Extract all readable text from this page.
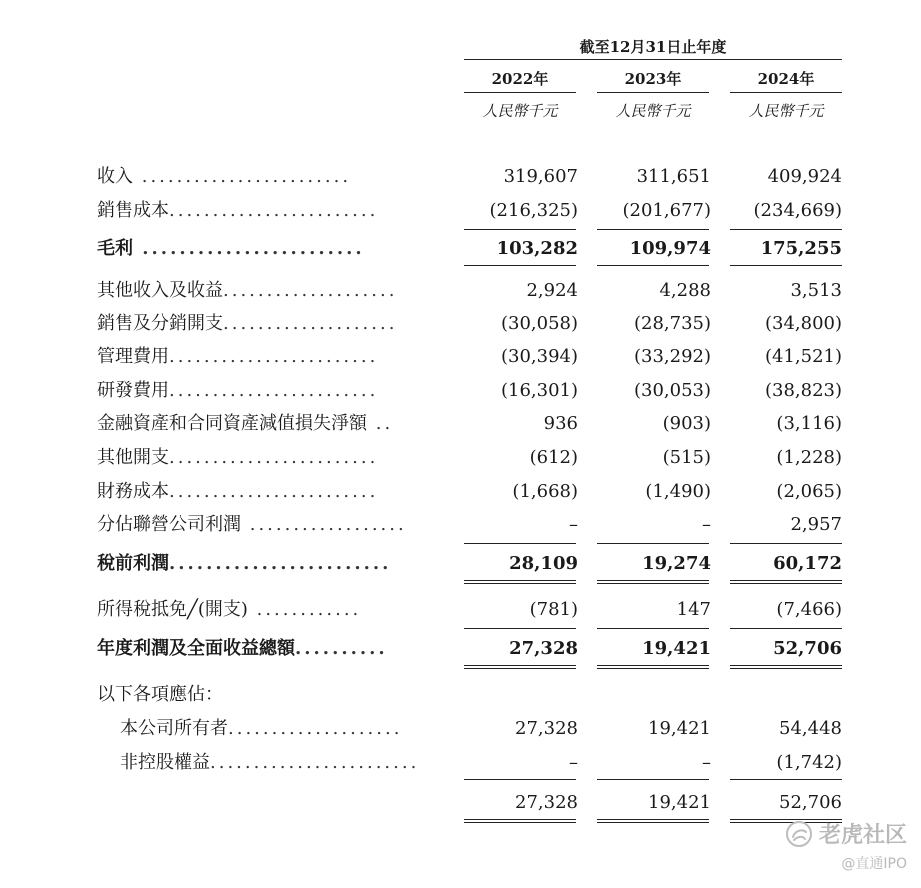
截至12月31日止年度
2022年	2023年	2024年
人民幣千元	人民幣千元	人民幣千元
收入 ........................	319,607	311,651	409,924
銷售成本........................	(216,325)	(201,677)	(234,669)
毛利 ........................	103,282	109,974	175,255
其他收入及收益....................	2,924	4,288	3,513
銷售及分銷開支....................	(30,058)	(28,735)	(34,800)
管理費用........................	(30,394)	(33,292)	(41,521)
研發費用........................	(16,301)	(30,053)	(38,823)
金融資產和合同資產減值損失淨額 ..	936	(903)	(3,116)
其他開支........................	(612)	(515)	(1,228)
財務成本........................	(1,668)	(1,490)	(2,065)
分佔聯營公司利潤 ..................	–	–	2,957
稅前利潤........................	28,109	19,274	60,172
所得稅抵免╱(開支) ............	(781)	147	(7,466)
年度利潤及全面收益總額..........	27,328	19,421	52,706
以下各項應佔：
本公司所有者....................	27,328	19,421	54,448
非控股權益........................	–	–	(1,742)
27,328	19,421	52,706
老虎社区
@直通IPO
